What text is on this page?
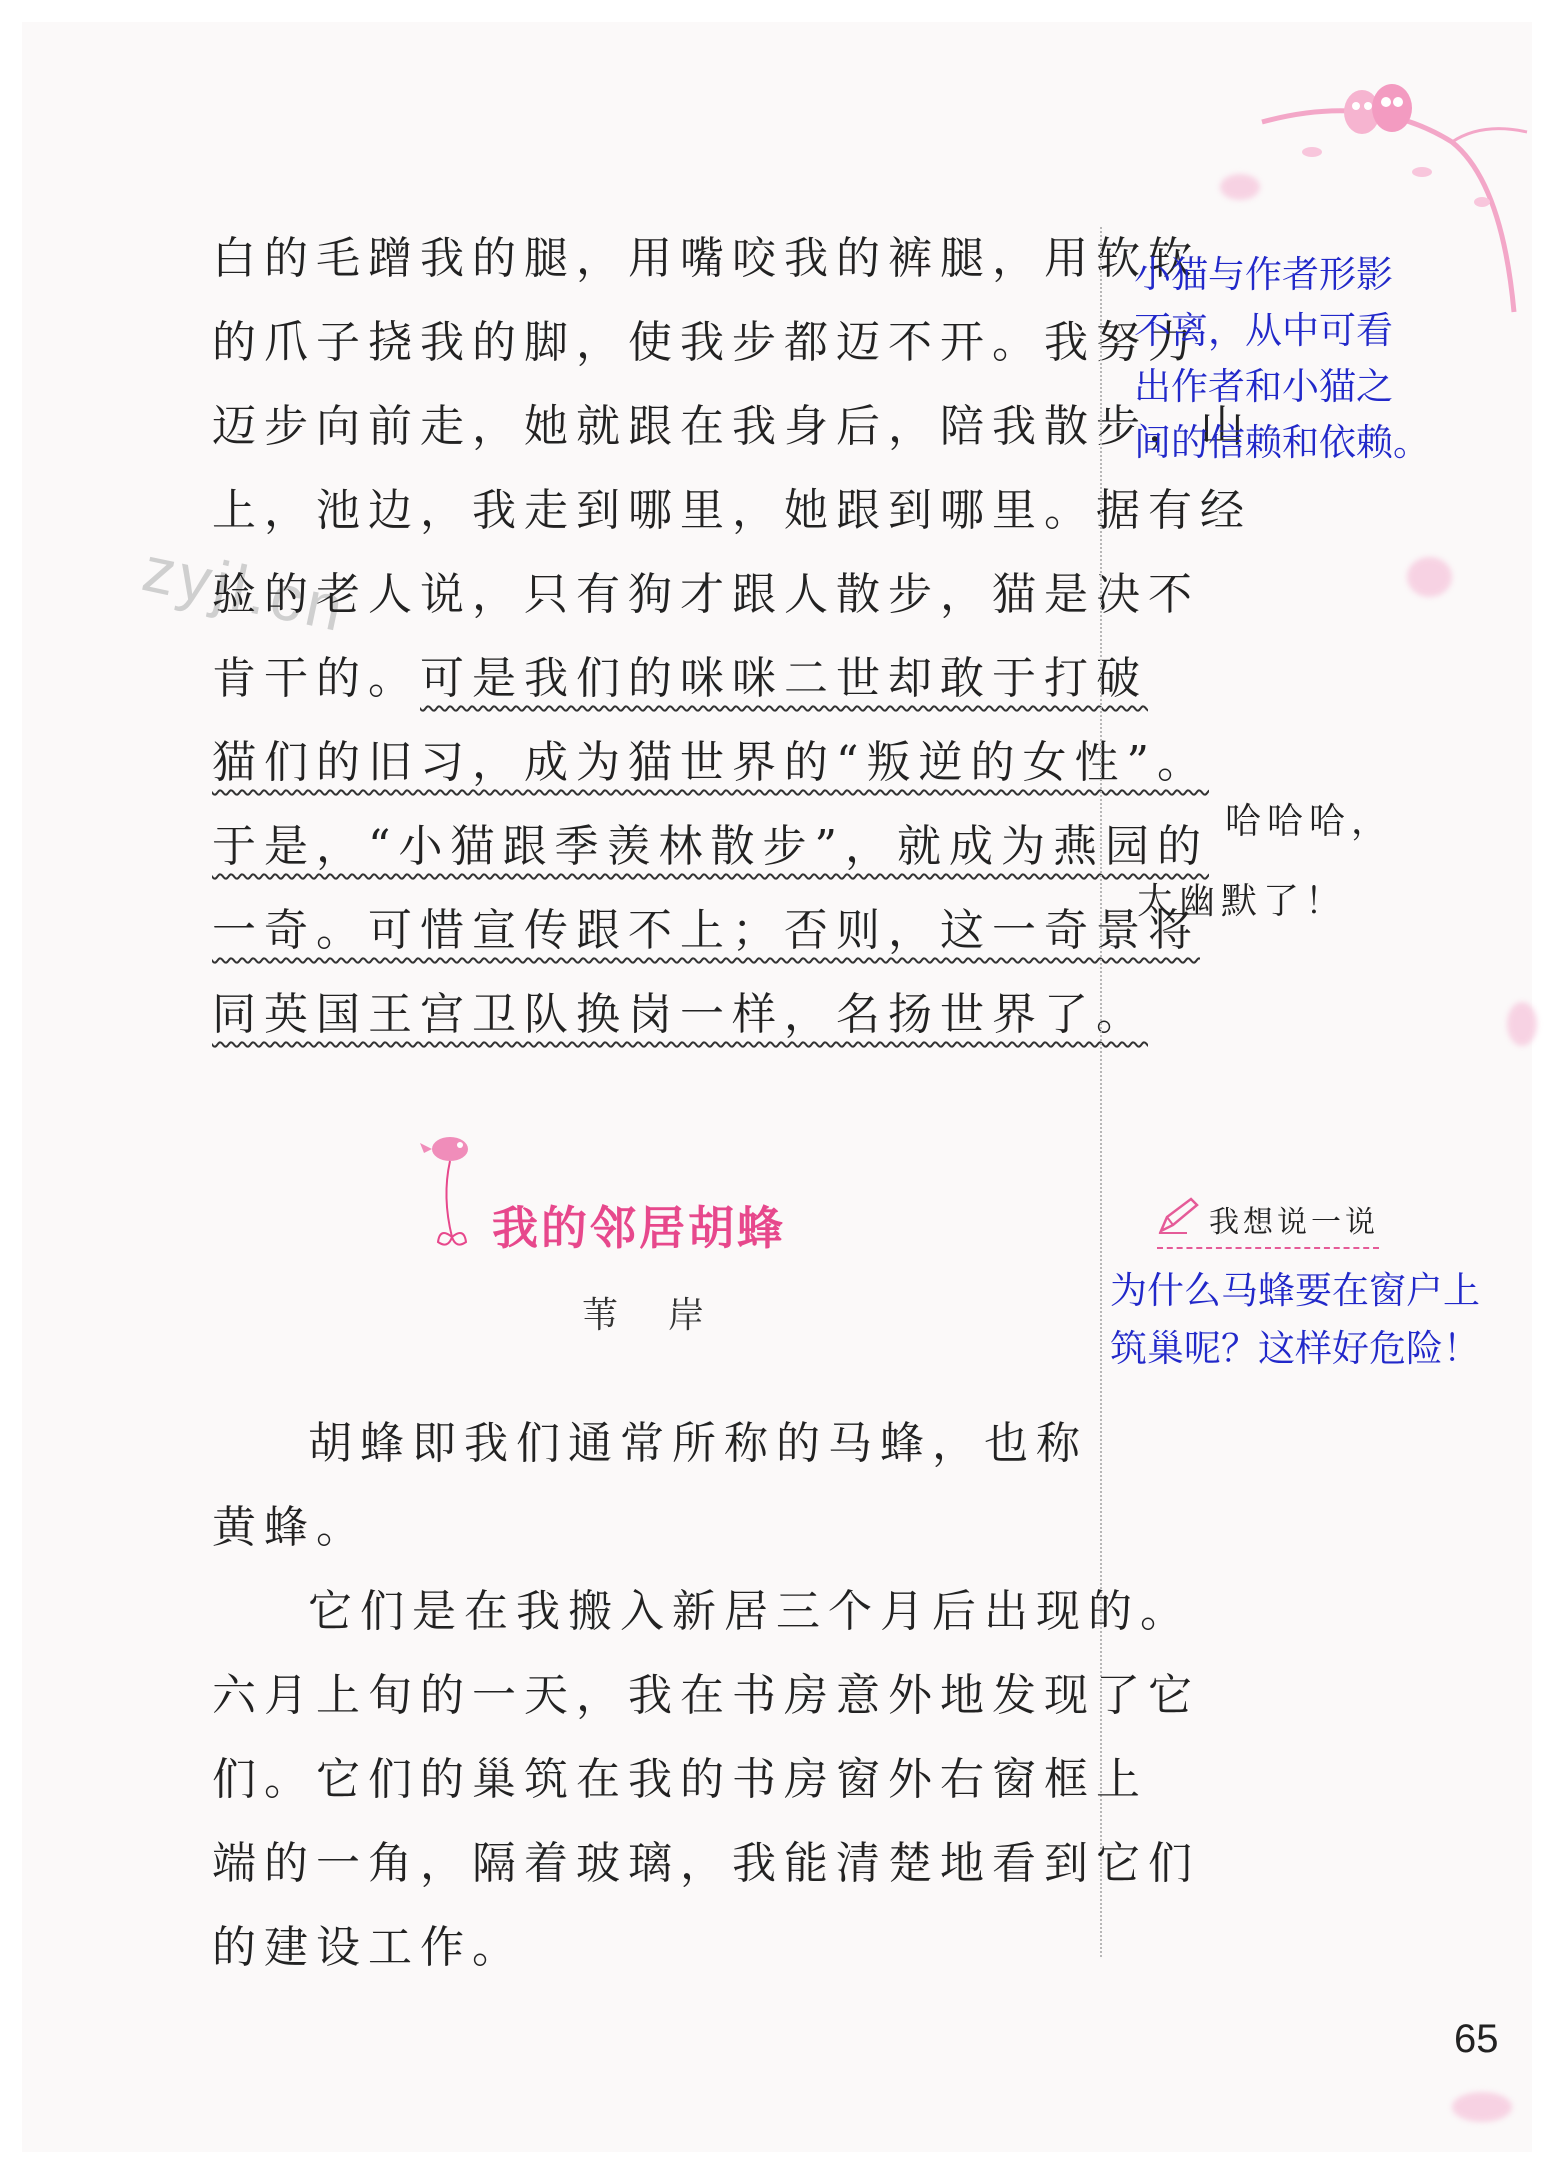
zyjl.cn
白的毛蹭我的腿，用嘴咬我的裤腿，用软软
的爪子挠我的脚，使我步都迈不开。我努力
迈步向前走，她就跟在我身后，陪我散步，山
上，池边，我走到哪里，她跟到哪里。据有经
验的老人说，只有狗才跟人散步，猫是决不
肯干的。可是我们的咪咪二世却敢于打破
猫们的旧习，成为猫世界的“叛逆的女性”。
于是，“小猫跟季羡林散步”，就成为燕园的
一奇。可惜宣传跟不上；否则，这一奇景将
同英国王宫卫队换岗一样，名扬世界了。
小猫与作者形影
不离，从中可看
出作者和小猫之
间的信赖和依赖。
哈哈哈，
太幽默了！
我的邻居胡蜂
苇岸
我想说一说
为什么马蜂要在窗户上
筑巢呢？这样好危险！
胡蜂即我们通常所称的马蜂，也称
黄蜂。
它们是在我搬入新居三个月后出现的。
六月上旬的一天，我在书房意外地发现了它
们。它们的巢筑在我的书房窗外右窗框上
端的一角，隔着玻璃，我能清楚地看到它们
的建设工作。
65
